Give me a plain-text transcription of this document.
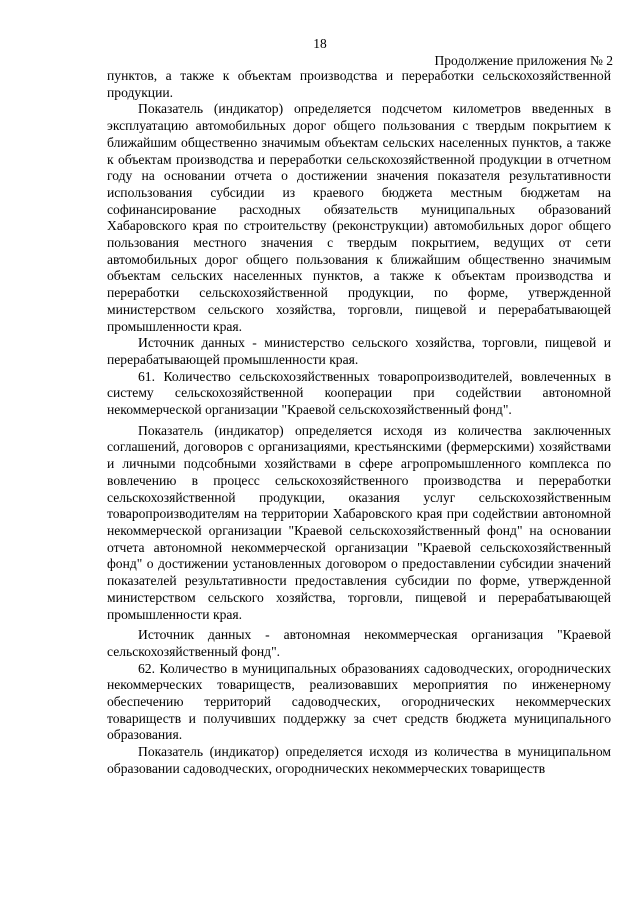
18
Продолжение приложения № 2

пунктов, а также к объектам производства и переработки сельскохозяйственной продукции.

Показатель (индикатор) определяется подсчетом километров введенных в эксплуатацию автомобильных дорог общего пользования с твердым покрытием к ближайшим общественно значимым объектам сельских населенных пунктов, а также к объектам производства и переработки сельскохозяйственной продукции в отчетном году на основании отчета о достижении значения показателя результативности использования субсидии из краевого бюджета местным бюджетам на софинансирование расходных обязательств муниципальных образований Хабаровского края по строительству (реконструкции) автомобильных дорог общего пользования местного значения с твердым покрытием, ведущих от сети автомобильных дорог общего пользования к ближайшим общественно значимым объектам сельских населенных пунктов, а также к объектам производства и переработки сельскохозяйственной продукции, по форме, утвержденной министерством сельского хозяйства, торговли, пищевой и перерабатывающей промышленности края.

Источник данных - министерство сельского хозяйства, торговли, пищевой и перерабатывающей промышленности края.

61. Количество сельскохозяйственных товаропроизводителей, вовлеченных в систему сельскохозяйственной кооперации при содействии автономной некоммерческой организации "Краевой сельскохозяйственный фонд".

Показатель (индикатор) определяется исходя из количества заключенных соглашений, договоров с организациями, крестьянскими (фермерскими) хозяйствами и личными подсобными хозяйствами в сфере агропромышленного комплекса по вовлечению в процесс сельскохозяйственного производства и переработки сельскохозяйственной продукции, оказания услуг сельскохозяйственным товаропроизводителям на территории Хабаровского края при содействии автономной некоммерческой организации "Краевой сельскохозяйственный фонд" на основании отчета автономной некоммерческой организации "Краевой сельскохозяйственный фонд" о достижении установленных договором о предоставлении субсидии значений показателей результативности предоставления субсидии по форме, утвержденной министерством сельского хозяйства, торговли, пищевой и перерабатывающей промышленности края.

Источник данных - автономная некоммерческая организация "Краевой сельскохозяйственный фонд".

62. Количество в муниципальных образованиях садоводческих, огороднических некоммерческих товариществ, реализовавших мероприятия по инженерному обеспечению территорий садоводческих, огороднических некоммерческих товариществ и получивших поддержку за счет средств бюджета муниципального образования.

Показатель (индикатор) определяется исходя из количества в муниципальном образовании садоводческих, огороднических некоммерческих товариществ
